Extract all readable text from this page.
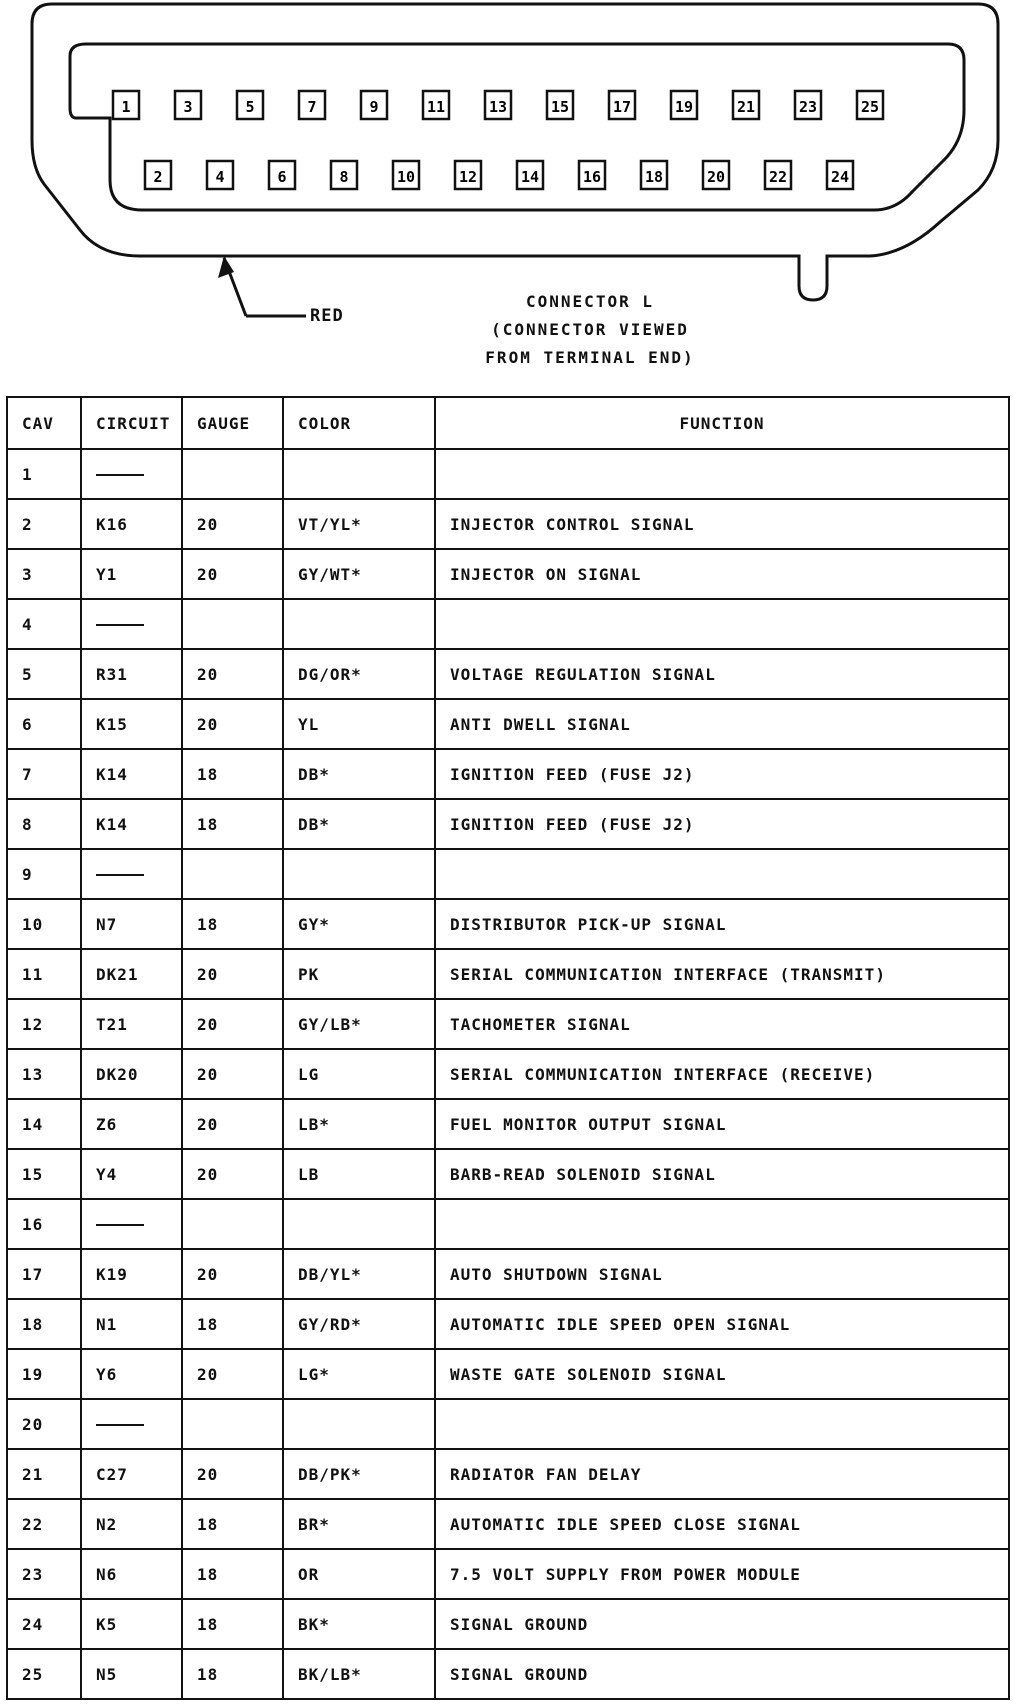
1	3	5	7	9	11	13	15	17	19	21	23	25
2	4	6	8	10	12	14	16	18	20	22	24
RED
CONNECTOR L
(CONNECTOR VIEWED
FROM TERMINAL END)
CAV	CIRCUIT	GAUGE	COLOR	FUNCTION
1				
2	K16	20	VT/YL*	INJECTOR CONTROL SIGNAL
3	Y1	20	GY/WT*	INJECTOR ON SIGNAL
4				
5	R31	20	DG/OR*	VOLTAGE REGULATION SIGNAL
6	K15	20	YL	ANTI DWELL SIGNAL
7	K14	18	DB*	IGNITION FEED (FUSE J2)
8	K14	18	DB*	IGNITION FEED (FUSE J2)
9				
10	N7	18	GY*	DISTRIBUTOR PICK-UP SIGNAL
11	DK21	20	PK	SERIAL COMMUNICATION INTERFACE (TRANSMIT)
12	T21	20	GY/LB*	TACHOMETER SIGNAL
13	DK20	20	LG	SERIAL COMMUNICATION INTERFACE (RECEIVE)
14	Z6	20	LB*	FUEL MONITOR OUTPUT SIGNAL
15	Y4	20	LB	BARB-READ SOLENOID SIGNAL
16				
17	K19	20	DB/YL*	AUTO SHUTDOWN SIGNAL
18	N1	18	GY/RD*	AUTOMATIC IDLE SPEED OPEN SIGNAL
19	Y6	20	LG*	WASTE GATE SOLENOID SIGNAL
20				
21	C27	20	DB/PK*	RADIATOR FAN DELAY
22	N2	18	BR*	AUTOMATIC IDLE SPEED CLOSE SIGNAL
23	N6	18	OR	7.5 VOLT SUPPLY FROM POWER MODULE
24	K5	18	BK*	SIGNAL GROUND
25	N5	18	BK/LB*	SIGNAL GROUND
